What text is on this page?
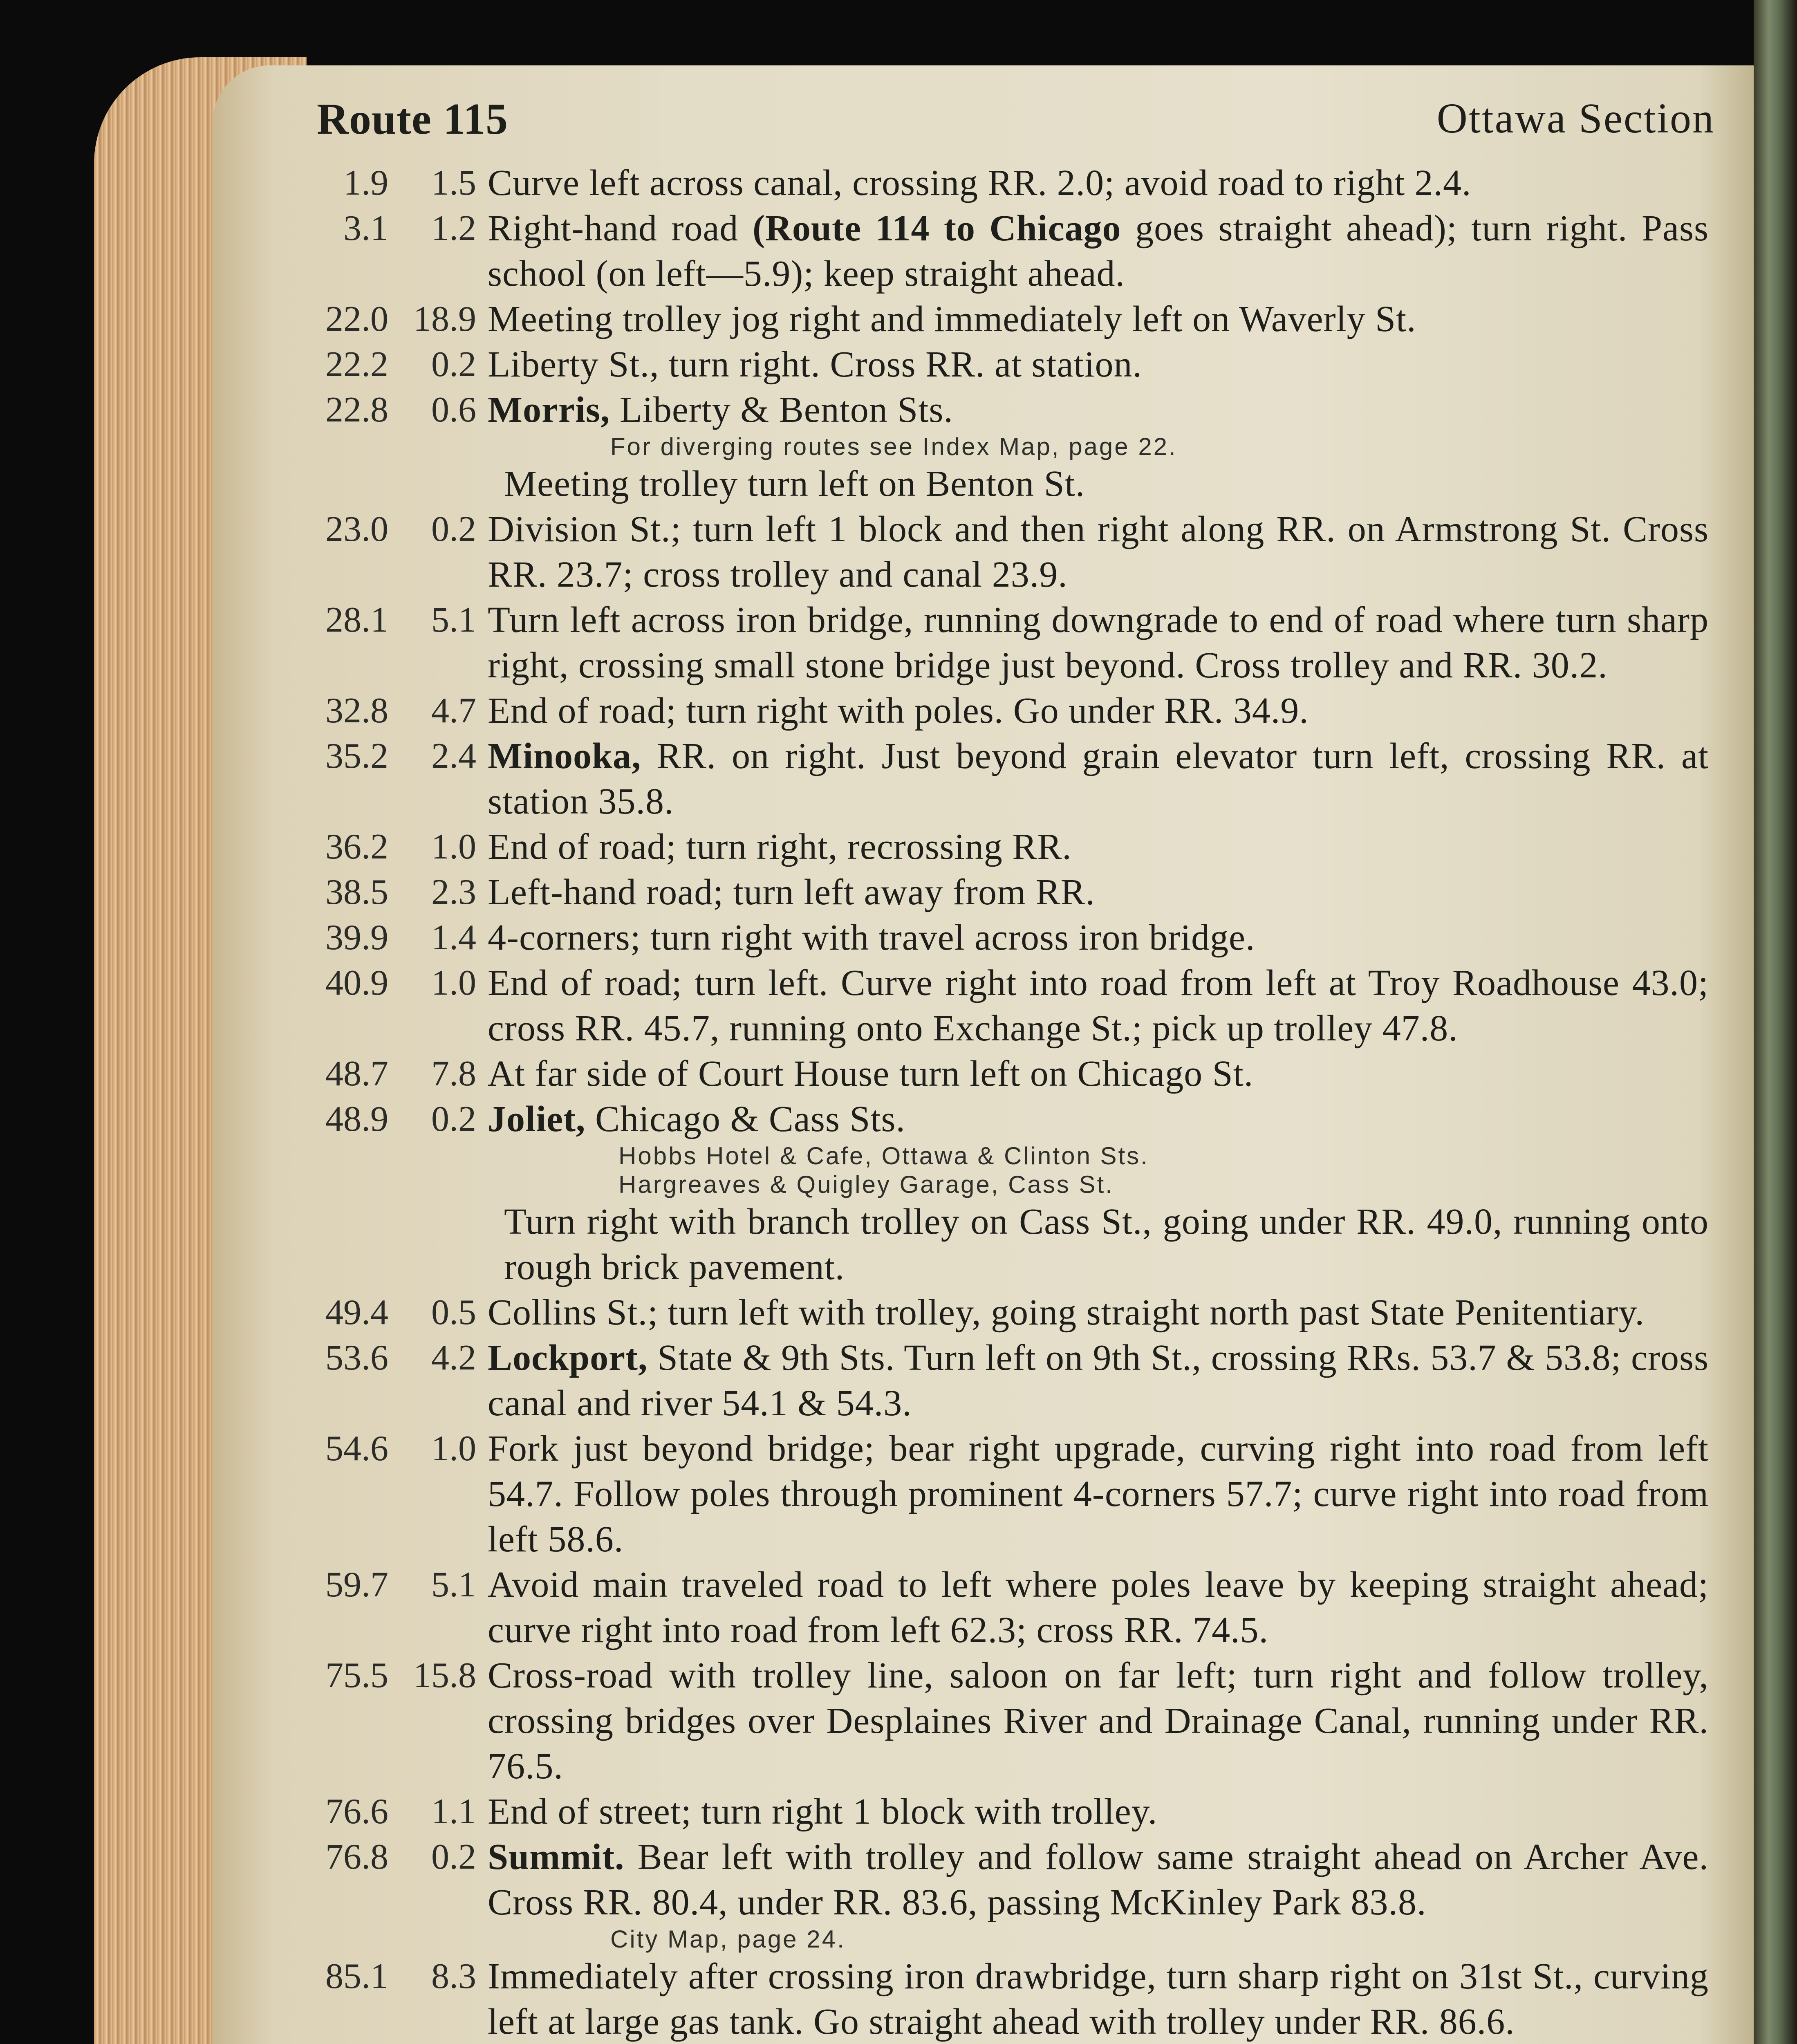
Route 115	Ottawa Section
1.9	1.5 Curve left across canal, crossing RR. 2.0; avoid road to right 2.4.
3.1	1.2 Right-hand road (Route 114 to Chicago goes straight ahead); turn right. Pass school (on left—5.9); keep straight ahead.
22.0 18.9 Meeting trolley jog right and immediately left on Waverly St.
22.2	0.2 Liberty St., turn right. Cross RR. at station.
22.8	0.6 Morris, Liberty & Benton Sts.
For diverging routes see Index Map, page 22.
Meeting trolley turn left on Benton St.
23.0	0.2 Division St.; turn left 1 block and then right along RR. on Armstrong St. Cross RR. 23.7; cross trolley and canal 23.9.
28.1	5.1 Turn left across iron bridge, running downgrade to end of road where turn sharp right, crossing small stone bridge just beyond. Cross trolley and RR. 30.2.
32.8	4.7 End of road; turn right with poles. Go under RR. 34.9.
35.2	2.4 Minooka, RR. on right. Just beyond grain elevator turn left, crossing RR. at station 35.8.
36.2	1.0 End of road; turn right, recrossing RR.
38.5	2.3 Left-hand road; turn left away from RR.
39.9	1.4 4-corners; turn right with travel across iron bridge.
40.9	1.0 End of road; turn left. Curve right into road from left at Troy Roadhouse 43.0; cross RR. 45.7, running onto Exchange St.; pick up trolley 47.8.
48.7	7.8 At far side of Court House turn left on Chicago St.
48.9	0.2 Joliet, Chicago & Cass Sts.
Hobbs Hotel & Cafe, Ottawa & Clinton Sts.
Hargreaves & Quigley Garage, Cass St.
Turn right with branch trolley on Cass St., going under RR. 49.0, running onto rough brick pavement.
49.4	0.5 Collins St.; turn left with trolley, going straight north past State Penitentiary.
53.6	4.2 Lockport, State & 9th Sts. Turn left on 9th St., crossing RRs. 53.7 & 53.8; cross canal and river 54.1 & 54.3.
54.6	1.0 Fork just beyond bridge; bear right upgrade, curving right into road from left 54.7. Follow poles through prominent 4-corners 57.7; curve right into road from left 58.6.
59.7	5.1 Avoid main traveled road to left where poles leave by keeping straight ahead; curve right into road from left 62.3; cross RR. 74.5.
75.5 15.8 Cross-road with trolley line, saloon on far left; turn right and follow trolley, crossing bridges over Desplaines River and Drainage Canal, running under RR. 76.5.
76.6	1.1 End of street; turn right 1 block with trolley.
76.8	0.2 Summit. Bear left with trolley and follow same straight ahead on Archer Ave. Cross RR. 80.4, under RR. 83.6, passing McKinley Park 83.8.
City Map, page 24.
85.1	8.3 Immediately after crossing iron drawbridge, turn sharp right on 31st St., curving left at large gas tank. Go straight ahead with trolley under RR. 86.6.
